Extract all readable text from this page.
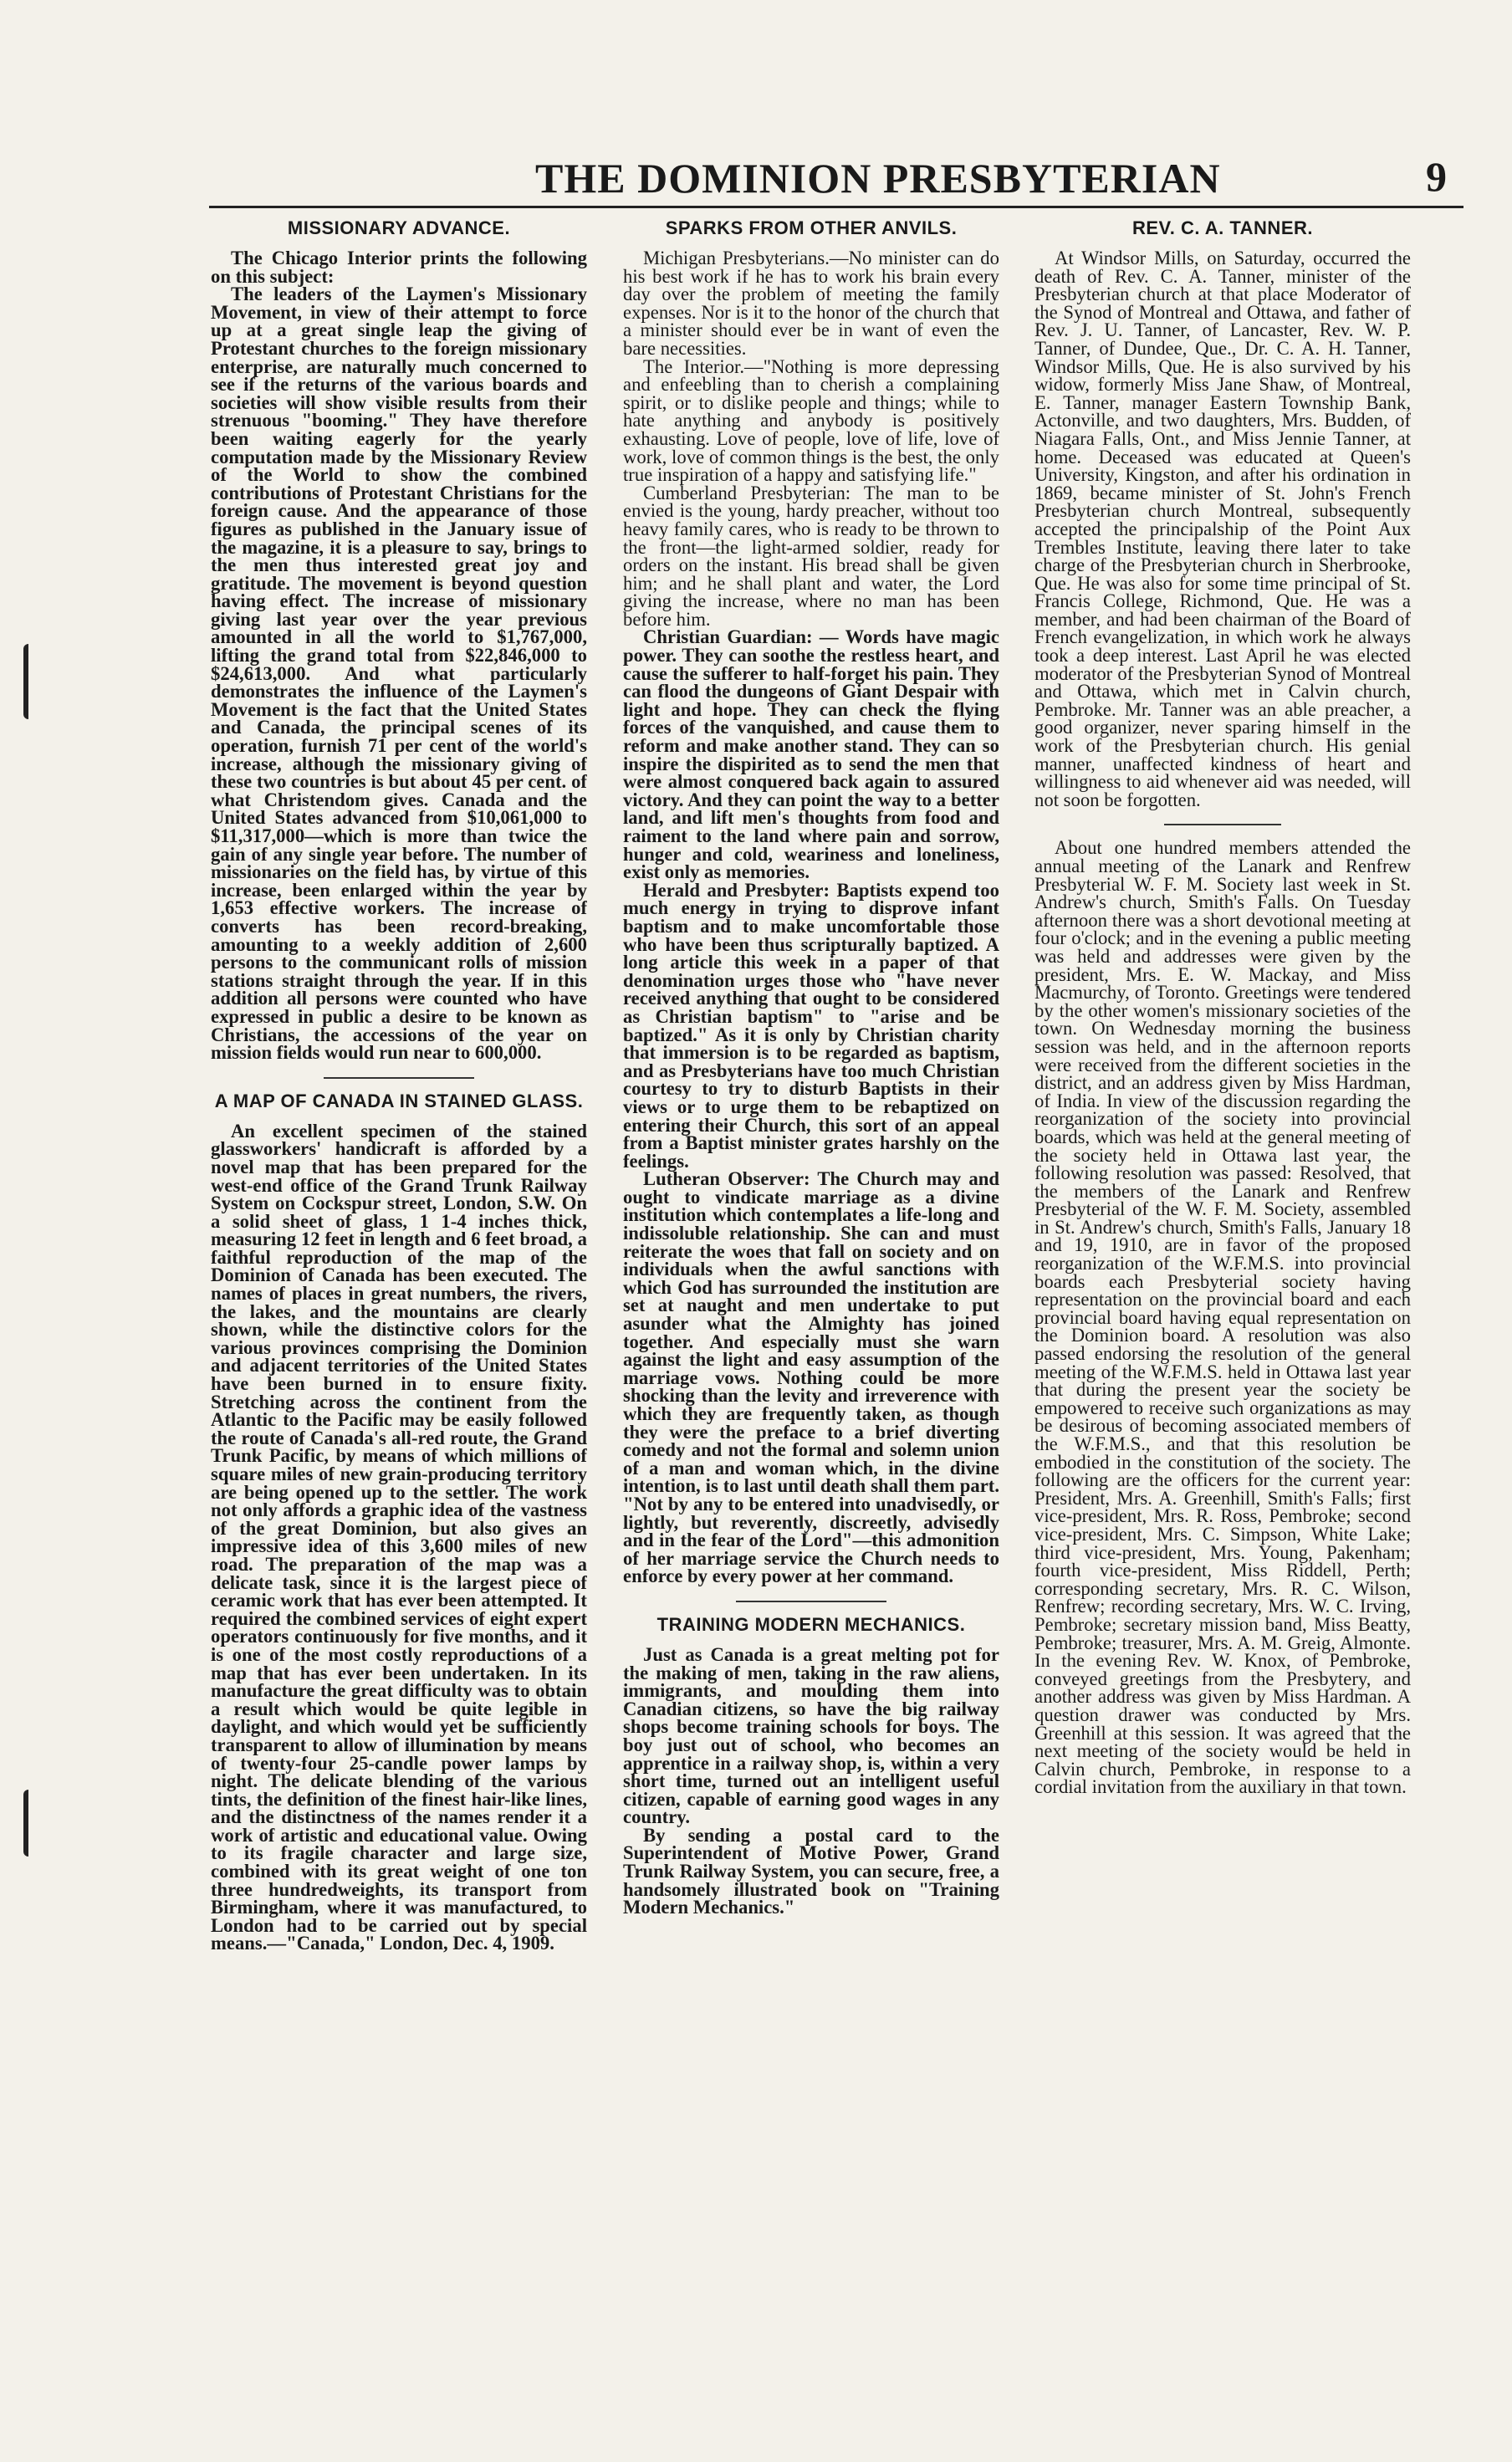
THE DOMINION PRESBYTERIAN	9
MISSIONARY ADVANCE.

The Chicago Interior prints the following on this subject:

The leaders of the Laymen's Missionary Movement, in view of their attempt to force up at a great single leap the giving of Protestant churches to the foreign missionary enterprise, are naturally much concerned to see if the returns of the various boards and societies will show visible results from their strenuous "booming." They have therefore been waiting eagerly for the yearly computation made by the Missionary Review of the World to show the combined contributions of Protestant Christians for the foreign cause. And the appearance of those figures as published in the January issue of the magazine, it is a pleasure to say, brings to the men thus interested great joy and gratitude. The movement is beyond question having effect. The increase of missionary giving last year over the year previous amounted in all the world to $1,767,000, lifting the grand total from $22,846,000 to $24,613,000. And what particularly demonstrates the influence of the Laymen's Movement is the fact that the United States and Canada, the principal scenes of its operation, furnish 71 per cent of the world's increase, although the missionary giving of these two countries is but about 45 per cent. of what Christendom gives. Canada and the United States advanced from $10,061,000 to $11,317,000—which is more than twice the gain of any single year before. The number of missionaries on the field has, by virtue of this increase, been enlarged within the year by 1,653 effective workers. The increase of converts has been record-breaking, amounting to a weekly addition of 2,600 persons to the communicant rolls of mission stations straight through the year. If in this addition all persons were counted who have expressed in public a desire to be known as Christians, the accessions of the year on mission fields would run near to 600,000.

A MAP OF CANADA IN STAINED GLASS.

An excellent specimen of the stained glassworkers' handicraft is afforded by a novel map that has been prepared for the west-end office of the Grand Trunk Railway System on Cockspur street, London, S.W. On a solid sheet of glass, 1 1-4 inches thick, measuring 12 feet in length and 6 feet broad, a faithful reproduction of the map of the Dominion of Canada has been executed. The names of places in great numbers, the rivers, the lakes, and the mountains are clearly shown, while the distinctive colors for the various provinces comprising the Dominion and adjacent territories of the United States have been burned in to ensure fixity. Stretching across the continent from the Atlantic to the Pacific may be easily followed the route of Canada's all-red route, the Grand Trunk Pacific, by means of which millions of square miles of new grain-producing territory are being opened up to the settler. The work not only affords a graphic idea of the vastness of the great Dominion, but also gives an impressive idea of this 3,600 miles of new road. The preparation of the map was a delicate task, since it is the largest piece of ceramic work that has ever been attempted. It required the combined services of eight expert operators continuously for five months, and it is one of the most costly reproductions of a map that has ever been undertaken. In its manufacture the great difficulty was to obtain a result which would be quite legible in daylight, and which would yet be sufficiently transparent to allow of illumination by means of twenty-four 25-candle power lamps by night. The delicate blending of the various tints, the definition of the finest hair-like lines, and the distinctness of the names render it a work of artistic and educational value. Owing to its fragile character and large size, combined with its great weight of one ton three hundredweights, its transport from Birmingham, where it was manufactured, to London had to be carried out by special means.—"Canada," London, Dec. 4, 1909.

SPARKS FROM OTHER ANVILS.

Michigan Presbyterians.—No minister can do his best work if he has to work his brain every day over the problem of meeting the family expenses. Nor is it to the honor of the church that a minister should ever be in want of even the bare necessities.

The Interior.—"Nothing is more depressing and enfeebling than to cherish a complaining spirit, or to dislike people and things; while to hate anything and anybody is positively exhausting. Love of people, love of life, love of work, love of common things is the best, the only true inspiration of a happy and satisfying life."

Cumberland Presbyterian: The man to be envied is the young, hardy preacher, without too heavy family cares, who is ready to be thrown to the front—the light-armed soldier, ready for orders on the instant. His bread shall be given him; and he shall plant and water, the Lord giving the increase, where no man has been before him.

Christian Guardian: — Words have magic power. They can soothe the restless heart, and cause the sufferer to half-forget his pain. They can flood the dungeons of Giant Despair with light and hope. They can check the flying forces of the vanquished, and cause them to reform and make another stand. They can so inspire the dispirited as to send the men that were almost conquered back again to assured victory. And they can point the way to a better land, and lift men's thoughts from food and raiment to the land where pain and sorrow, hunger and cold, weariness and loneliness, exist only as memories.

Herald and Presbyter: Baptists expend too much energy in trying to disprove infant baptism and to make uncomfortable those who have been thus scripturally baptized. A long article this week in a paper of that denomination urges those who "have never received anything that ought to be considered as Christian baptism" to "arise and be baptized." As it is only by Christian charity that immersion is to be regarded as baptism, and as Presbyterians have too much Christian courtesy to try to disturb Baptists in their views or to urge them to be rebaptized on entering their Church, this sort of an appeal from a Baptist minister grates harshly on the feelings.

Lutheran Observer: The Church may and ought to vindicate marriage as a divine institution which contemplates a life-long and indissoluble relationship. She can and must reiterate the woes that fall on society and on individuals when the awful sanctions with which God has surrounded the institution are set at naught and men undertake to put asunder what the Almighty has joined together. And especially must she warn against the light and easy assumption of the marriage vows. Nothing could be more shocking than the levity and irreverence with which they are frequently taken, as though they were the preface to a brief diverting comedy and not the formal and solemn union of a man and woman which, in the divine intention, is to last until death shall them part. "Not by any to be entered into unadvisedly, or lightly, but reverently, discreetly, advisedly and in the fear of the Lord"—this admonition of her marriage service the Church needs to enforce by every power at her command.

TRAINING MODERN MECHANICS.

Just as Canada is a great melting pot for the making of men, taking in the raw aliens, immigrants, and moulding them into Canadian citizens, so have the big railway shops become training schools for boys. The boy just out of school, who becomes an apprentice in a railway shop, is, within a very short time, turned out an intelligent useful citizen, capable of earning good wages in any country.

By sending a postal card to the Superintendent of Motive Power, Grand Trunk Railway System, you can secure, free, a handsomely illustrated book on "Training Modern Mechanics."

REV. C. A. TANNER.

At Windsor Mills, on Saturday, occurred the death of Rev. C. A. Tanner, minister of the Presbyterian church at that place Moderator of the Synod of Montreal and Ottawa, and father of Rev. J. U. Tanner, of Lancaster, Rev. W. P. Tanner, of Dundee, Que., Dr. C. A. H. Tanner, Windsor Mills, Que. He is also survived by his widow, formerly Miss Jane Shaw, of Montreal, E. Tanner, manager Eastern Township Bank, Actonville, and two daughters, Mrs. Budden, of Niagara Falls, Ont., and Miss Jennie Tanner, at home. Deceased was educated at Queen's University, Kingston, and after his ordination in 1869, became minister of St. John's French Presbyterian church Montreal, subsequently accepted the principalship of the Point Aux Trembles Institute, leaving there later to take charge of the Presbyterian church in Sherbrooke, Que. He was also for some time principal of St. Francis College, Richmond, Que. He was a member, and had been chairman of the Board of French evangelization, in which work he always took a deep interest. Last April he was elected moderator of the Presbyterian Synod of Montreal and Ottawa, which met in Calvin church, Pembroke. Mr. Tanner was an able preacher, a good organizer, never sparing himself in the work of the Presbyterian church. His genial manner, unaffected kindness of heart and willingness to aid whenever aid was needed, will not soon be forgotten.

About one hundred members attended the annual meeting of the Lanark and Renfrew Presbyterial W. F. M. Society last week in St. Andrew's church, Smith's Falls. On Tuesday afternoon there was a short devotional meeting at four o'clock; and in the evening a public meeting was held and addresses were given by the president, Mrs. E. W. Mackay, and Miss Macmurchy, of Toronto. Greetings were tendered by the other women's missionary societies of the town. On Wednesday morning the business session was held, and in the afternoon reports were received from the different societies in the district, and an address given by Miss Hardman, of India. In view of the discussion regarding the reorganization of the society into provincial boards, which was held at the general meeting of the society held in Ottawa last year, the following resolution was passed: Resolved, that the members of the Lanark and Renfrew Presbyterial of the W. F. M. Society, assembled in St. Andrew's church, Smith's Falls, January 18 and 19, 1910, are in favor of the proposed reorganization of the W.F.M.S. into provincial boards each Presbyterial society having representation on the provincial board and each provincial board having equal representation on the Dominion board. A resolution was also passed endorsing the resolution of the general meeting of the W.F.M.S. held in Ottawa last year that during the present year the society be empowered to receive such organizations as may be desirous of becoming associated members of the W.F.M.S., and that this resolution be embodied in the constitution of the society. The following are the officers for the current year: President, Mrs. A. Greenhill, Smith's Falls; first vice-president, Mrs. R. Ross, Pembroke; second vice-president, Mrs. C. Simpson, White Lake; third vice-president, Mrs. Young, Pakenham; fourth vice-president, Miss Riddell, Perth; corresponding secretary, Mrs. R. C. Wilson, Renfrew; recording secretary, Mrs. W. C. Irving, Pembroke; secretary mission band, Miss Beatty, Pembroke; treasurer, Mrs. A. M. Greig, Almonte. In the evening Rev. W. Knox, of Pembroke, conveyed greetings from the Presbytery, and another address was given by Miss Hardman. A question drawer was conducted by Mrs. Greenhill at this session. It was agreed that the next meeting of the society would be held in Calvin church, Pembroke, in response to a cordial invitation from the auxiliary in that town.
